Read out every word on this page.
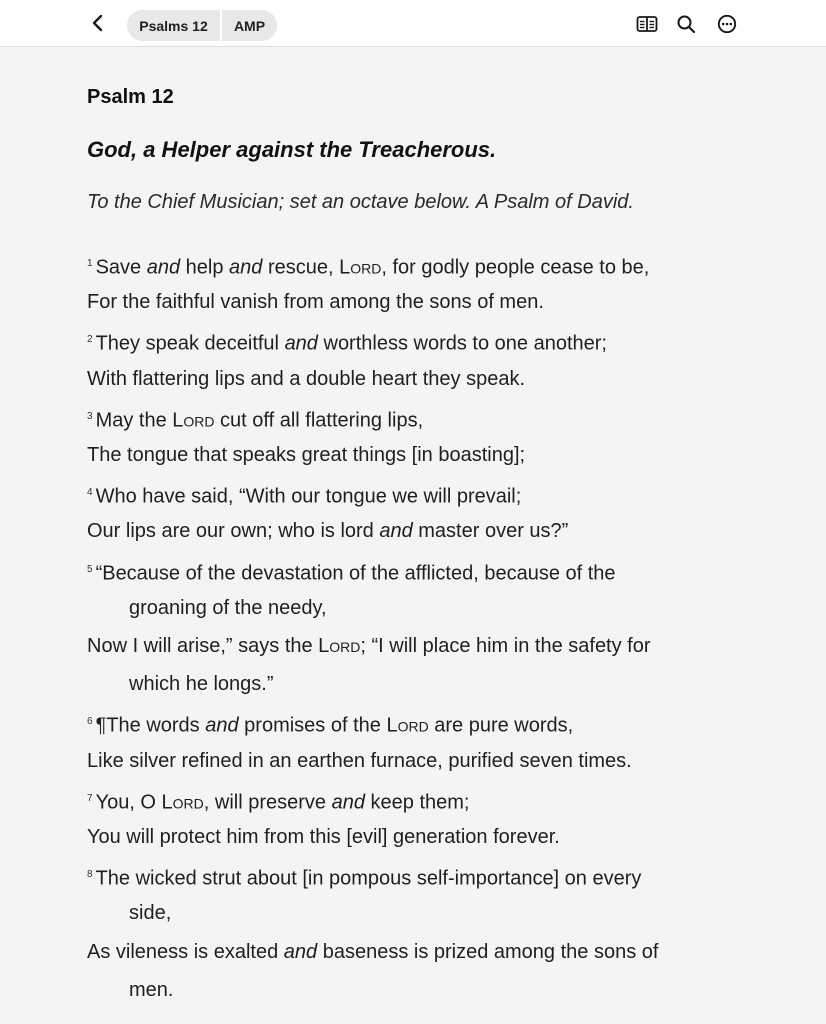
Psalms 12	AMP
Psalm 12
God, a Helper against the Treacherous.
To the Chief Musician; set an octave below. A Psalm of David.
$^1$ Save and help and rescue, Lord, for godly people cease to be,
For the faithful vanish from among the sons of men.
$^2$ They speak deceitful and worthless words to one another;
With flattering lips and a double heart they speak.
$^3$ May the Lord cut off all flattering lips,
The tongue that speaks great things [in boasting];
$^4$ Who have said, “With our tongue we will prevail;
Our lips are our own; who is lord and master over us?”
$^5$ “Because of the devastation of the afflicted, because of the
groaning of the needy,
Now I will arise,” says the Lord; “I will place him in the safety for
which he longs.”
$^6$ ¶The words and promises of the Lord are pure words,
Like silver refined in an earthen furnace, purified seven times.
$^7$ You, O Lord, will preserve and keep them;
You will protect him from this [evil] generation forever.
$^8$ The wicked strut about [in pompous self-importance] on every
side,
As vileness is exalted and baseness is prized among the sons of
men.
